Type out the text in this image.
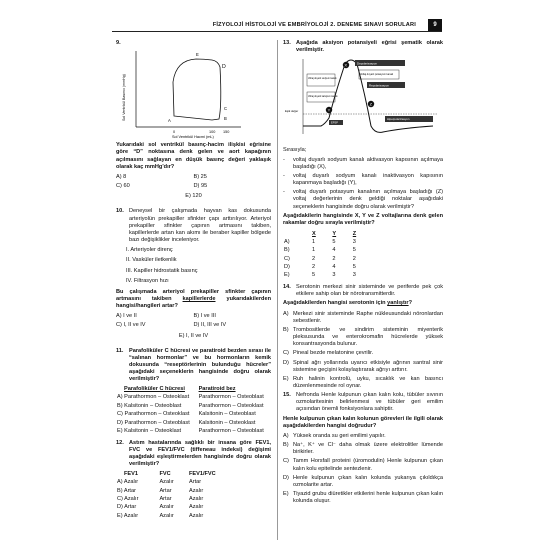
FİZYOLOJİ HİSTOLOJİ VE EMBRİYOLOJİ 2. DENEME SINAVI SORULARI	9
9.
Sol Ventrikül Basıncı (mmHg)	A	B
C
D
E
0	100 150
Sol Ventrikül Hacmi (mL)
Yukarıdaki sol ventrikül basınç-hacim ilişkisi eğrisine göre “D” noktasına denk gelen ve aort kapağının açılmasını sağlayan en düşük basınç değeri yaklaşık olarak kaç mmHg'dır?
A) 8	B) 25
C) 60	D) 95
E) 120
10. Deneysel bir çalışmada hayvan kas dokusunda arteriyolün prekapiller sfinkter çapı arttırılıyor. Arteriyol prekapiller sfinkter çapının artmasını takiben, kapillerlerde artan kan akımı ile beraber kapiller bölgede bazı değişiklikler inceleniyor.
I. Arteriyoler direnç
II. Vasküler iletkenlik
III. Kapiller hidrostatik basınç
IV. Filtrasyon hızı
Bu çalışmada arteriyol prekapiller sfinkter çapının artmasını takiben kapillerlerde yukarıdakilerden hangisi/hangileri artar?
A) I ve II	B) I ve III
C) I, II ve IV	D) II, III ve IV
E) I, II ve IV
11. Parafoliküler C hücresi ve paratiroid bezden sırası ile “salınan hormonlar” ve bu hormonların kemik dokusunda “reseptörlerinin bulunduğu hücreler” aşağıdaki seçeneklerin hangisinde doğru olarak verilmiştir?
Parafoliküler C hücresi	Paratiroid bez
A) Parathormon – Osteoklast	Parathormon – Osteoblast
B) Kalsitonin – Osteoblast	Parathormon – Osteoklast
C) Parathormon – Osteoklast	Kalsitonin – Osteoblast
D) Parathormon – Osteoblast	Kalsitonin – Osteoklast
E) Kalsitonin – Osteoklast	Parathormon – Osteoblast
12. Astım hastalarında sağlıklı bir insana göre FEV1, FVC ve FEV1/FVC (tiffeneau indeksi) değişimi aşağıdaki eşleştirmelerden hangisinde doğru olarak verilmiştir?
FEV1	FVC	FEV1/FVC
A) Azalır	Azalır	Artar
B) Artar	Artar	Azalır
C) Azalır	Artar	Azalır
D) Artar	Azalır	Azalır
E) Azalır	Azalır	Azalır
13. Aşağıda aksiyon potansiyeli eğrisi şematik olarak verilmiştir.
Depolarizasyon
Repolarizasyon
Hiperpolarizasyon
Voltaj duyarlı potasyum kanalı
Voltaj duyarlı sodyum kanalı
Voltaj duyarlı kalsiyum kanalı
Eşik değer
EPSP
X
Y
Z
Sırasıyla;
-	voltaj duyarlı sodyum kanalı aktivasyon kapısının açılmaya başladığı (X),
-	voltaj duyarlı sodyum kanalı inaktivasyon kapısının kapanmaya başladığı (Y),
-	voltaj duyarlı potasyum kanalının açılmaya başladığı (Z) voltaj değerlerinin denk geldiği noktalar aşağıdaki seçeneklerin hangisinde doğru olarak verilmiştir?
Aşağıdakilerin hangisinde X, Y ve Z voltajlarına denk gelen rakamlar doğru sırayla verilmiştir?
	X	Y	Z
A)	1	5	3
B)	1	4	5
C)	2	2	2
D)	2	4	5
E)	5	3	3
14. Serotonin merkezi sinir sisteminde ve periferde pek çok etkilere sahip olan bir nörotransmitterdir.
Aşağıdakilerden hangisi serotonin için yanlıştır?
A) Merkezi sinir sisteminde Raphe nükleusundaki nöronlardan sebestlenir.
B) Trombositlerde ve sindirim sisteminin miyenterik pleksusunda ve enterokromafin hücrelerde yüksek konsantrasyonda bulunur.
C) Pineal bezde melatonine çevrilir.
D) Spinal ağrı yollarında uyarıcı etkisiyle ağrının santral sinir sistemine geçişini kolaylaştırarak ağrıyı arttırır.
E) Ruh halinin kontrolü, uyku, sıcaklık ve kan basıncı düzenlenmesinde rol oynar.
15. Nefronda Henle kulpunun çıkan kalın kolu, tübüler sıvının ozmolaritesinin belirlenmesi ve tübüler geri emilim açısından önemli fonksiyonlara sahiptir.
Henle kulpunun çıkan kalın kolunun görevleri ile ilgili olarak aşağıdakilerden hangisi doğrudur?
A) Yüksek oranda su geri emilimi yapılır.
B) Na⁺, K⁺ ve Cl⁻ daha olmak üzere elektrolitler lümende birikirler.
C) Tamm Horsfall proteini (üromodulin) Henle kulpunun çıkan kalın kolu epitelinde sentezlenir.
D) Henle kulpunun çıkan kalın kolunda yukarıya çıkıldıkça ozmolarite artar.
E) Tiyazid grubu diüretikler etkilerini henle kulpunun çıkan kalın kolunda oluşur.
